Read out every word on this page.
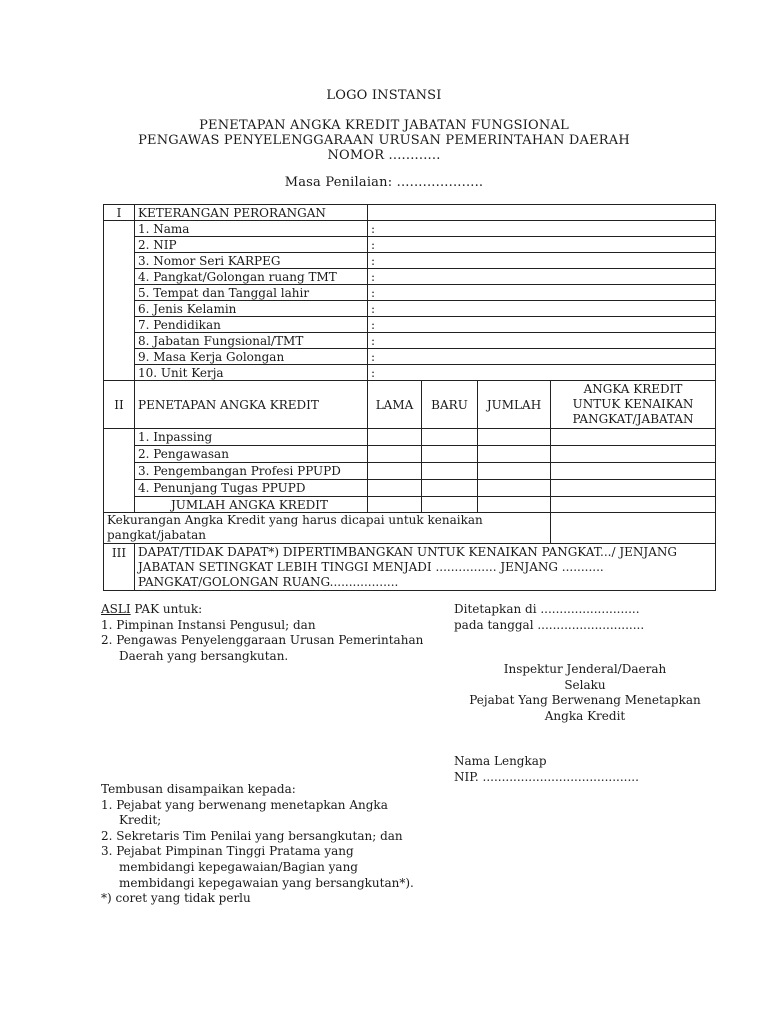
LOGO INSTANSI
PENETAPAN ANGKA KREDIT JABATAN FUNGSIONAL
PENGAWAS PENYELENGGARAAN URUSAN PEMERINTAHAN DAERAH
NOMOR ............
Masa Penilaian: ....................
I	KETERANGAN PERORANGAN				
	1. Nama	:			
	2. NIP	:			
	3. Nomor Seri KARPEG	:			
	4. Pangkat/Golongan ruang TMT	:			
	5. Tempat dan Tanggal lahir	:			
	6. Jenis Kelamin	:			
	7. Pendidikan	:			
	8. Jabatan Fungsional/TMT	:			
	9. Masa Kerja Golongan	:			
	10. Unit Kerja	:			
II	PENETAPAN ANGKA KREDIT	LAMA	BARU	JUMLAH	ANGKA KREDIT
UNTUK KENAIKAN
PANGKAT/JABATAN

	1. Inpassing				
	2. Pengawasan				
	3. Pengembangan Profesi PPUPD				
	4. Penunjang Tugas PPUPD				
	JUMLAH ANGKA KREDIT				
Kekurangan Angka Kredit yang harus dicapai untuk kenaikan pangkat/jabatan					
III	DAPAT/TIDAK DAPAT*) DIPERTIMBANGKAN UNTUK KENAIKAN PANGKAT.../ JENJANG
JABATAN SETINGKAT LEBIH TINGGI MENJADI ................ JENJANG ...........
PANGKAT/GOLONGAN RUANG..................				
ASLI PAK untuk:
1. Pimpinan Instansi Pengusul; dan
2. Pengawas Penyelenggaraan Urusan Pemerintahan
Daerah yang bersangkutan.
Ditetapkan di ..........................
pada tanggal ............................
Inspektur Jenderal/Daerah
Selaku
Pejabat Yang Berwenang Menetapkan
Angka Kredit
Nama Lengkap
NIP. .........................................
Tembusan disampaikan kepada:
1. Pejabat yang berwenang menetapkan Angka
Kredit;
2. Sekretaris Tim Penilai yang bersangkutan; dan
3. Pejabat Pimpinan Tinggi Pratama yang
membidangi kepegawaian/Bagian yang
membidangi kepegawaian yang bersangkutan*).
*) coret yang tidak perlu
